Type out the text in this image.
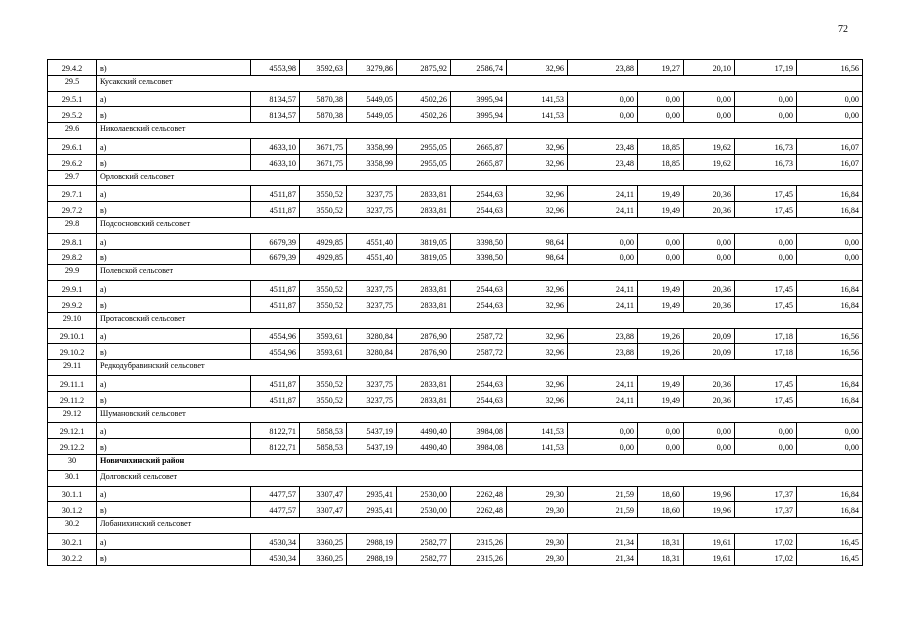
72
29.4.2	в)	4553,98	3592,63	3279,86	2875,92	2586,74	32,96	23,88	19,27	20,10	17,19	16,56
29.5	Кусакский сельсовет											
29.5.1	а)	8134,57	5870,38	5449,05	4502,26	3995,94	141,53	0,00	0,00	0,00	0,00	0,00
29.5.2	в)	8134,57	5870,38	5449,05	4502,26	3995,94	141,53	0,00	0,00	0,00	0,00	0,00
29.6	Николаевский сельсовет											
29.6.1	а)	4633,10	3671,75	3358,99	2955,05	2665,87	32,96	23,48	18,85	19,62	16,73	16,07
29.6.2	в)	4633,10	3671,75	3358,99	2955,05	2665,87	32,96	23,48	18,85	19,62	16,73	16,07
29.7	Орловский сельсовет											
29.7.1	а)	4511,87	3550,52	3237,75	2833,81	2544,63	32,96	24,11	19,49	20,36	17,45	16,84
29.7.2	в)	4511,87	3550,52	3237,75	2833,81	2544,63	32,96	24,11	19,49	20,36	17,45	16,84
29.8	Подсосновский сельсовет											
29.8.1	а)	6679,39	4929,85	4551,40	3819,05	3398,50	98,64	0,00	0,00	0,00	0,00	0,00
29.8.2	в)	6679,39	4929,85	4551,40	3819,05	3398,50	98,64	0,00	0,00	0,00	0,00	0,00
29.9	Полевской сельсовет											
29.9.1	а)	4511,87	3550,52	3237,75	2833,81	2544,63	32,96	24,11	19,49	20,36	17,45	16,84
29.9.2	в)	4511,87	3550,52	3237,75	2833,81	2544,63	32,96	24,11	19,49	20,36	17,45	16,84
29.10	Протасовский сельсовет											
29.10.1	а)	4554,96	3593,61	3280,84	2876,90	2587,72	32,96	23,88	19,26	20,09	17,18	16,56
29.10.2	в)	4554,96	3593,61	3280,84	2876,90	2587,72	32,96	23,88	19,26	20,09	17,18	16,56
29.11	Редкодубравинский сельсовет											
29.11.1	а)	4511,87	3550,52	3237,75	2833,81	2544,63	32,96	24,11	19,49	20,36	17,45	16,84
29.11.2	в)	4511,87	3550,52	3237,75	2833,81	2544,63	32,96	24,11	19,49	20,36	17,45	16,84
29.12	Шумановский сельсовет											
29.12.1	а)	8122,71	5858,53	5437,19	4490,40	3984,08	141,53	0,00	0,00	0,00	0,00	0,00
29.12.2	в)	8122,71	5858,53	5437,19	4490,40	3984,08	141,53	0,00	0,00	0,00	0,00	0,00
30	Новичихинский район											
30.1	Долговский сельсовет											
30.1.1	а)	4477,57	3307,47	2935,41	2530,00	2262,48	29,30	21,59	18,60	19,96	17,37	16,84
30.1.2	в)	4477,57	3307,47	2935,41	2530,00	2262,48	29,30	21,59	18,60	19,96	17,37	16,84
30.2	Лобанихинский сельсовет											
30.2.1	а)	4530,34	3360,25	2988,19	2582,77	2315,26	29,30	21,34	18,31	19,61	17,02	16,45
30.2.2	в)	4530,34	3360,25	2988,19	2582,77	2315,26	29,30	21,34	18,31	19,61	17,02	16,45
